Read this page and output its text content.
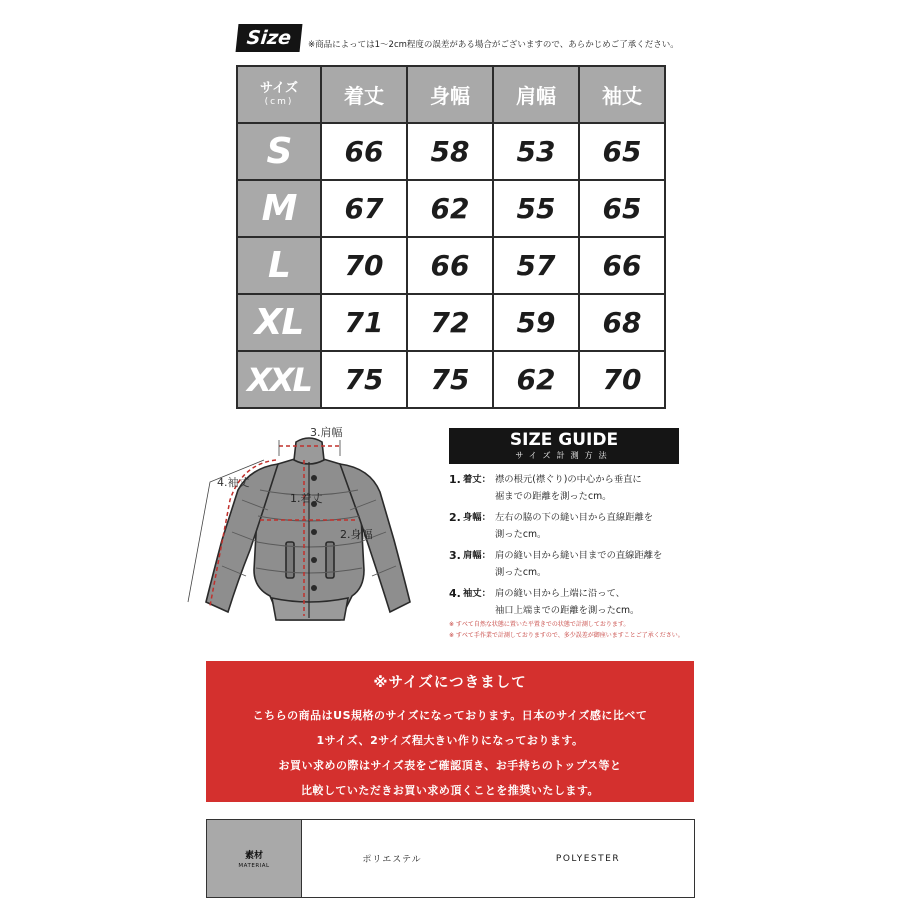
Size	※商品によっては1～2cm程度の誤差がある場合がございますので、あらかじめご了承ください。
サイズ
(cm)	着丈	身幅	肩幅	袖丈
S	66	58	53	65
M	67	62	55	65
L	70	66	57	66
XL	71	72	59	68
XXL	75	75	62	70
3.肩幅
4.袖丈
1.着丈
2.身幅
SIZE GUIDE
サイズ計測方法
1. 着丈： 襟の根元(襟ぐり)の中心から垂直に
裾までの距離を測ったcm。
2. 身幅： 左右の脇の下の縫い目から直線距離を
測ったcm。
3. 肩幅： 肩の縫い目から縫い目までの直線距離を
測ったcm。
4. 袖丈： 肩の縫い目から上端に沿って、
袖口上端までの距離を測ったcm。
※ すべて自然な状態に置いた平置きでの状態で計測しております。
※ すべて手作業で計測しておりますので、多少誤差が御座いますことご了承ください。
※サイズにつきまして
こちらの商品はUS規格のサイズになっております。日本のサイズ感に比べて
1サイズ、2サイズ程大きい作りになっております。
お買い求めの際はサイズ表をご確認頂き、お手持ちのトップス等と
比較していただきお買い求め頂くことを推奨いたします。
素材
MATERIAL
ポリエステル	POLYESTER
